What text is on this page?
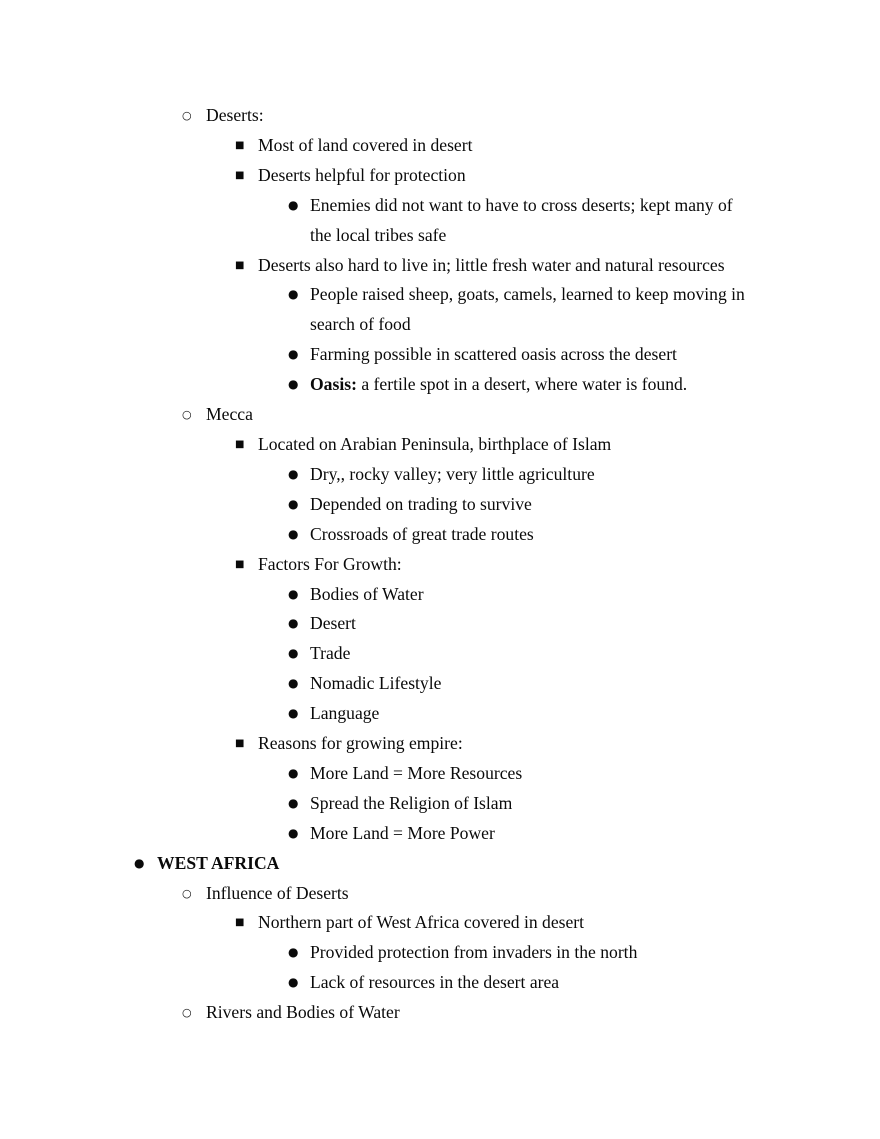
○ Deserts:
■ Most of land covered in desert
■ Deserts helpful for protection
● Enemies did not want to have to cross deserts; kept many of the local tribes safe
■ Deserts also hard to live in; little fresh water and natural resources
● People raised sheep, goats, camels, learned to keep moving in search of food
● Farming possible in scattered oasis across the desert
● Oasis: a fertile spot in a desert, where water is found.
○ Mecca
■ Located on Arabian Peninsula, birthplace of Islam
● Dry,, rocky valley; very little agriculture
● Depended on trading to survive
● Crossroads of great trade routes
■ Factors For Growth:
● Bodies of Water
● Desert
● Trade
● Nomadic Lifestyle
● Language
■ Reasons for growing empire:
● More Land = More Resources
● Spread the Religion of Islam
● More Land = More Power
● WEST AFRICA
○ Influence of Deserts
■ Northern part of West Africa covered in desert
● Provided protection from invaders in the north
● Lack of resources in the desert area
○ Rivers and Bodies of Water
